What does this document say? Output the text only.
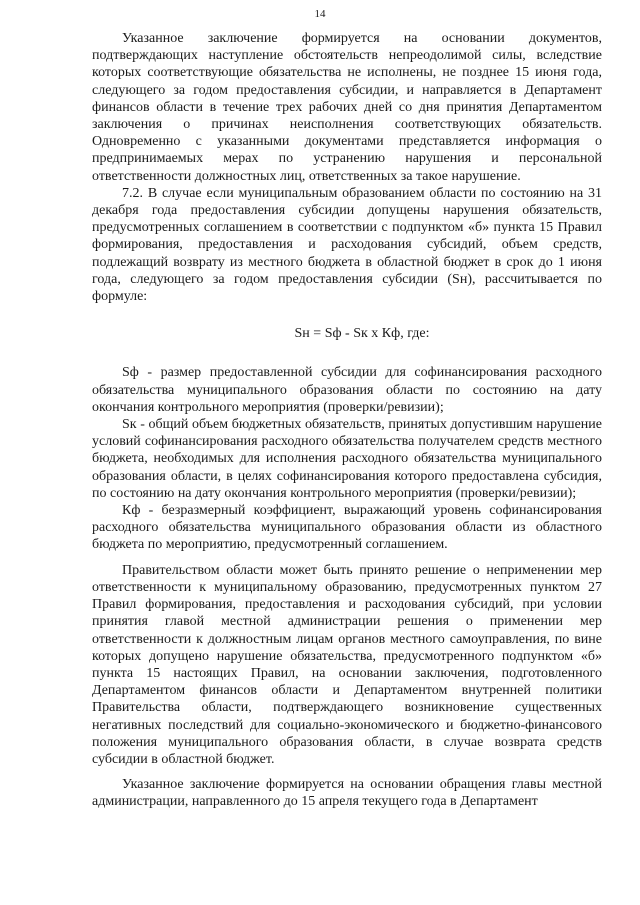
14

Указанное заключение формируется на основании документов, подтверждающих наступление обстоятельств непреодолимой силы, вследствие которых соответствующие обязательства не исполнены, не позднее 15 июня года, следующего за годом предоставления субсидии, и направляется в Департамент финансов области в течение трех рабочих дней со дня принятия Департаментом заключения о причинах неисполнения соответствующих обязательств. Одновременно с указанными документами представляется информация о предпринимаемых мерах по устранению нарушения и персональной ответственности должностных лиц, ответственных за такое нарушение.

7.2. В случае если муниципальным образованием области по состоянию на 31 декабря года предоставления субсидии допущены нарушения обязательств, предусмотренных соглашением в соответствии с подпунктом «б» пункта 15 Правил формирования, предоставления и расходования субсидий, объем средств, подлежащий возврату из местного бюджета в областной бюджет в срок до 1 июня года, следующего за годом предоставления субсидии (Sн), рассчитывается по формуле:

Sн = Sф - Sк х Кф, где:

Sф - размер предоставленной субсидии для софинансирования расходного обязательства муниципального образования области по состоянию на дату окончания контрольного мероприятия (проверки/ревизии);

Sк - общий объем бюджетных обязательств, принятых допустившим нарушение условий софинансирования расходного обязательства получателем средств местного бюджета, необходимых для исполнения расходного обязательства муниципального образования области, в целях софинансирования которого предоставлена субсидия, по состоянию на дату окончания контрольного мероприятия (проверки/ревизии);

Кф - безразмерный коэффициент, выражающий уровень софинансирования расходного обязательства муниципального образования области из областного бюджета по мероприятию, предусмотренный соглашением.

Правительством области может быть принято решение о неприменении мер ответственности к муниципальному образованию, предусмотренных пунктом 27 Правил формирования, предоставления и расходования субсидий, при условии принятия главой местной администрации решения о применении мер ответственности к должностным лицам органов местного самоуправления, по вине которых допущено нарушение обязательства, предусмотренного подпунктом «б» пункта 15 настоящих Правил, на основании заключения, подготовленного Департаментом финансов области и Департаментом внутренней политики Правительства области, подтверждающего возникновение существенных негативных последствий для социально-экономического и бюджетно-финансового положения муниципального образования области, в случае возврата средств субсидии в областной бюджет.

Указанное заключение формируется на основании обращения главы местной администрации, направленного до 15 апреля текущего года в Департамент
